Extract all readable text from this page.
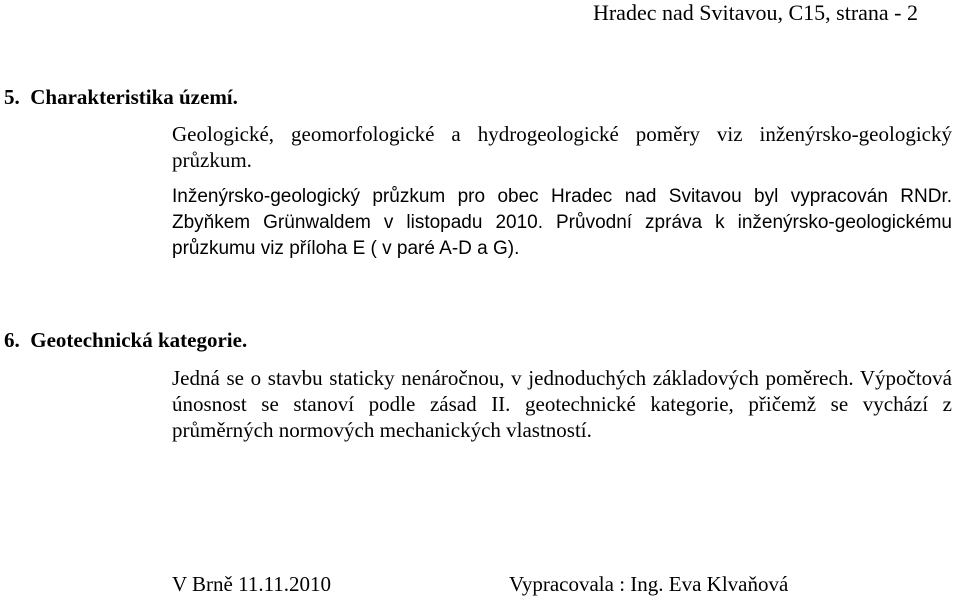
Hradec nad Svitavou, C15, strana - 2
5.  Charakteristika území.
Geologické, geomorfologické a hydrogeologické poměry viz inženýrsko-geologický průzkum.
Inženýrsko-geologický průzkum pro obec Hradec nad Svitavou byl vypracován RNDr. Zbyňkem Grünwaldem v listopadu 2010. Průvodní zpráva k inženýrsko-geologickému průzkumu viz příloha E ( v paré A-D a G).
6.  Geotechnická kategorie.
Jedná se o stavbu staticky nenáročnou, v jednoduchých základových poměrech. Výpočtová únosnost se stanoví podle zásad II. geotechnické kategorie, přičemž se vychází z průměrných normových mechanických vlastností.
V Brně 11.11.2010	Vypracovala : Ing. Eva Klvaňová
